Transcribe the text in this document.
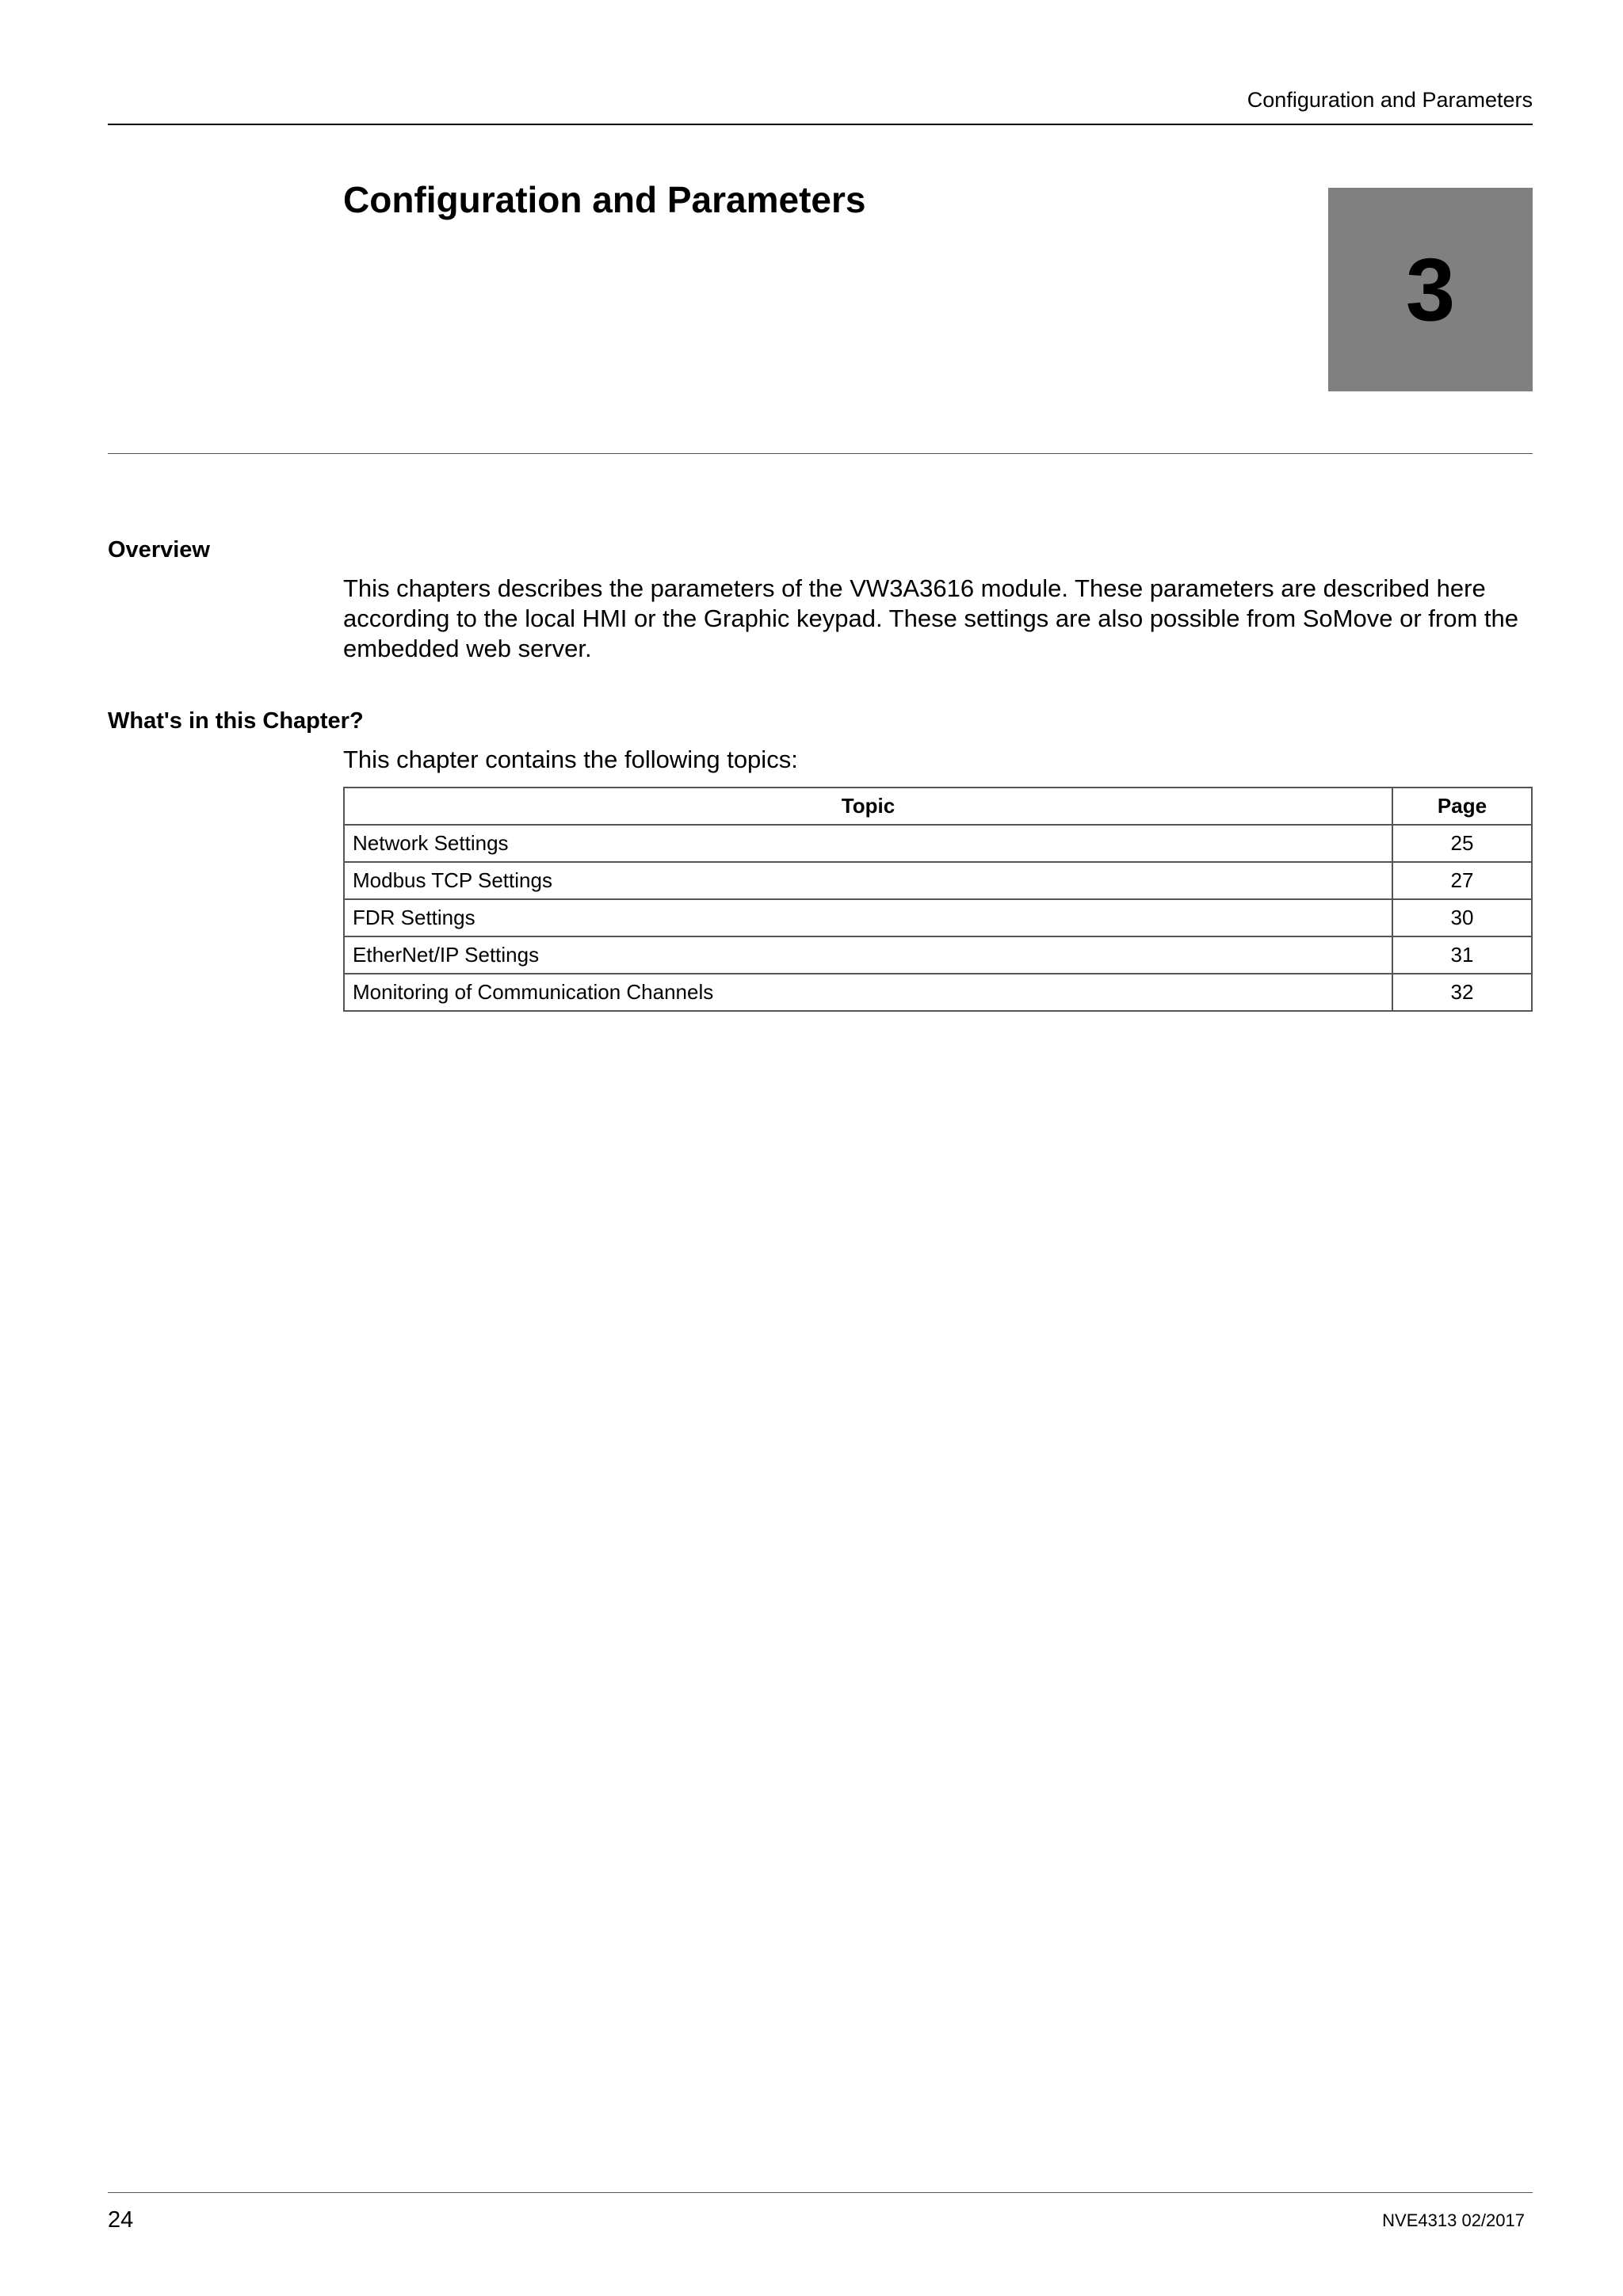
Configuration and Parameters
Configuration and Parameters
3
Overview

This chapters describes the parameters of the VW3A3616 module. These parameters are described here according to the local HMI or the Graphic keypad. These settings are also possible from SoMove or from the embedded web server.

What's in this Chapter?

This chapter contains the following topics:

Topic	Page
Network Settings	25
Modbus TCP Settings	27
FDR Settings	30
EtherNet/IP Settings	31
Monitoring of Communication Channels	32
24	NVE4313 02/2017
